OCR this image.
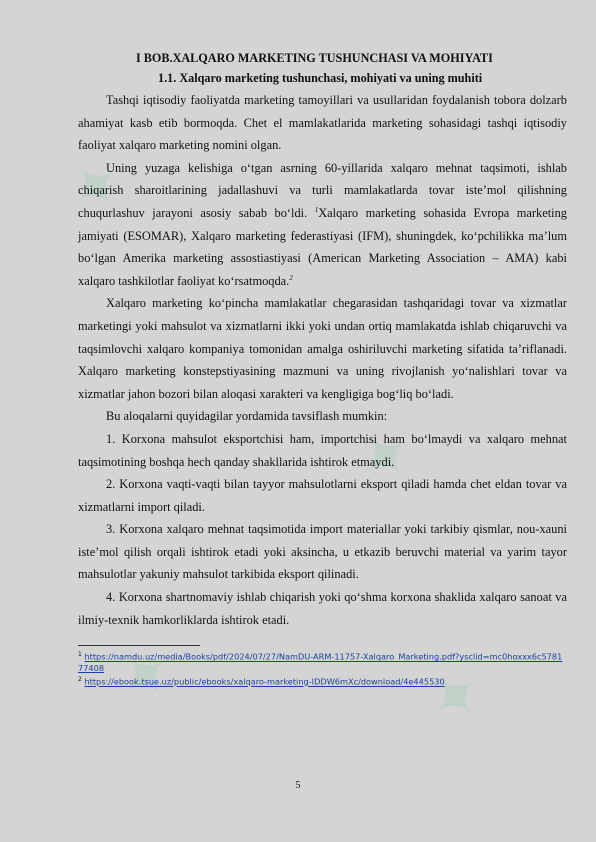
✦
✦
✦	✦
I BOB.XALQARO MARKETING TUSHUNCHASI VA MOHIYATI
1.1. Xalqaro marketing tushunchasi, mohiyati va uning muhiti

Tashqi iqtisodiy faoliyatda marketing tamoyillari va usullaridan foydalanish tobora dolzarb ahamiyat kasb etib bormoqda. Chet el mamlakatlarida marketing sohasidagi tashqi iqtisodiy faoliyat xalqaro marketing nomini olgan.

Uning yuzaga kelishiga o‘tgan asrning 60-yillarida xalqaro mehnat taqsimoti, ishlab chiqarish sharoitlarining jadallashuvi va turli mamlakatlarda tovar iste’mol qilishning chuqurlashuv jarayoni asosiy sabab bo‘ldi. $^1$Xalqaro marketing sohasida Evropa marketing jamiyati (ESOMAR), Xalqaro marketing federastiyasi (IFM), shuningdek, ko‘pchilikka ma’lum bo‘lgan Amerika marketing assostiastiyasi (American Marketing Association – AMA) kabi xalqaro tashkilotlar faoliyat ko‘rsatmoqda.$^2$

Xalqaro marketing ko‘pincha mamlakatlar chegarasidan tashqaridagi tovar va xizmatlar marketingi yoki mahsulot va xizmatlarni ikki yoki undan ortiq mamlakatda ishlab chiqaruvchi va taqsimlovchi xalqaro kompaniya tomonidan amalga oshiriluvchi marketing sifatida ta’riflanadi. Xalqaro marketing konstepstiyasining mazmuni va uning rivojlanish yo‘nalishlari tovar va xizmatlar jahon bozori bilan aloqasi xarakteri va kengligiga bog‘liq bo‘ladi.

Bu aloqalarni quyidagilar yordamida tavsiflash mumkin:

1. Korxona mahsulot eksportchisi ham, importchisi ham bo‘lmaydi va xalqaro mehnat taqsimotining boshqa hech qanday shakllarida ishtirok etmaydi.

2. Korxona vaqti-vaqti bilan tayyor mahsulotlarni eksport qiladi hamda chet eldan tovar va xizmatlarni import qiladi.

3. Korxona xalqaro mehnat taqsimotida import materiallar yoki tarkibiy qismlar, nou-xauni iste’mol qilish orqali ishtirok etadi yoki aksincha, u etkazib beruvchi material va yarim tayor mahsulotlar yakuniy mahsulot tarkibida eksport qilinadi.

4. Korxona shartnomaviy ishlab chiqarish yoki qo‘shma korxona shaklida xalqaro sanoat va ilmiy-texnik hamkorliklarda ishtirok etadi.

$^1$ https://namdu.uz/media/Books/pdf/2024/07/27/NamDU-ARM-11757-Xalqaro_Marketing.pdf?ysclid=mc0hoxxx6c578177408
$^2$ https://ebook.tsue.uz/public/ebooks/xalqaro-marketing-IDDW6mXc/download/4e445530
5
